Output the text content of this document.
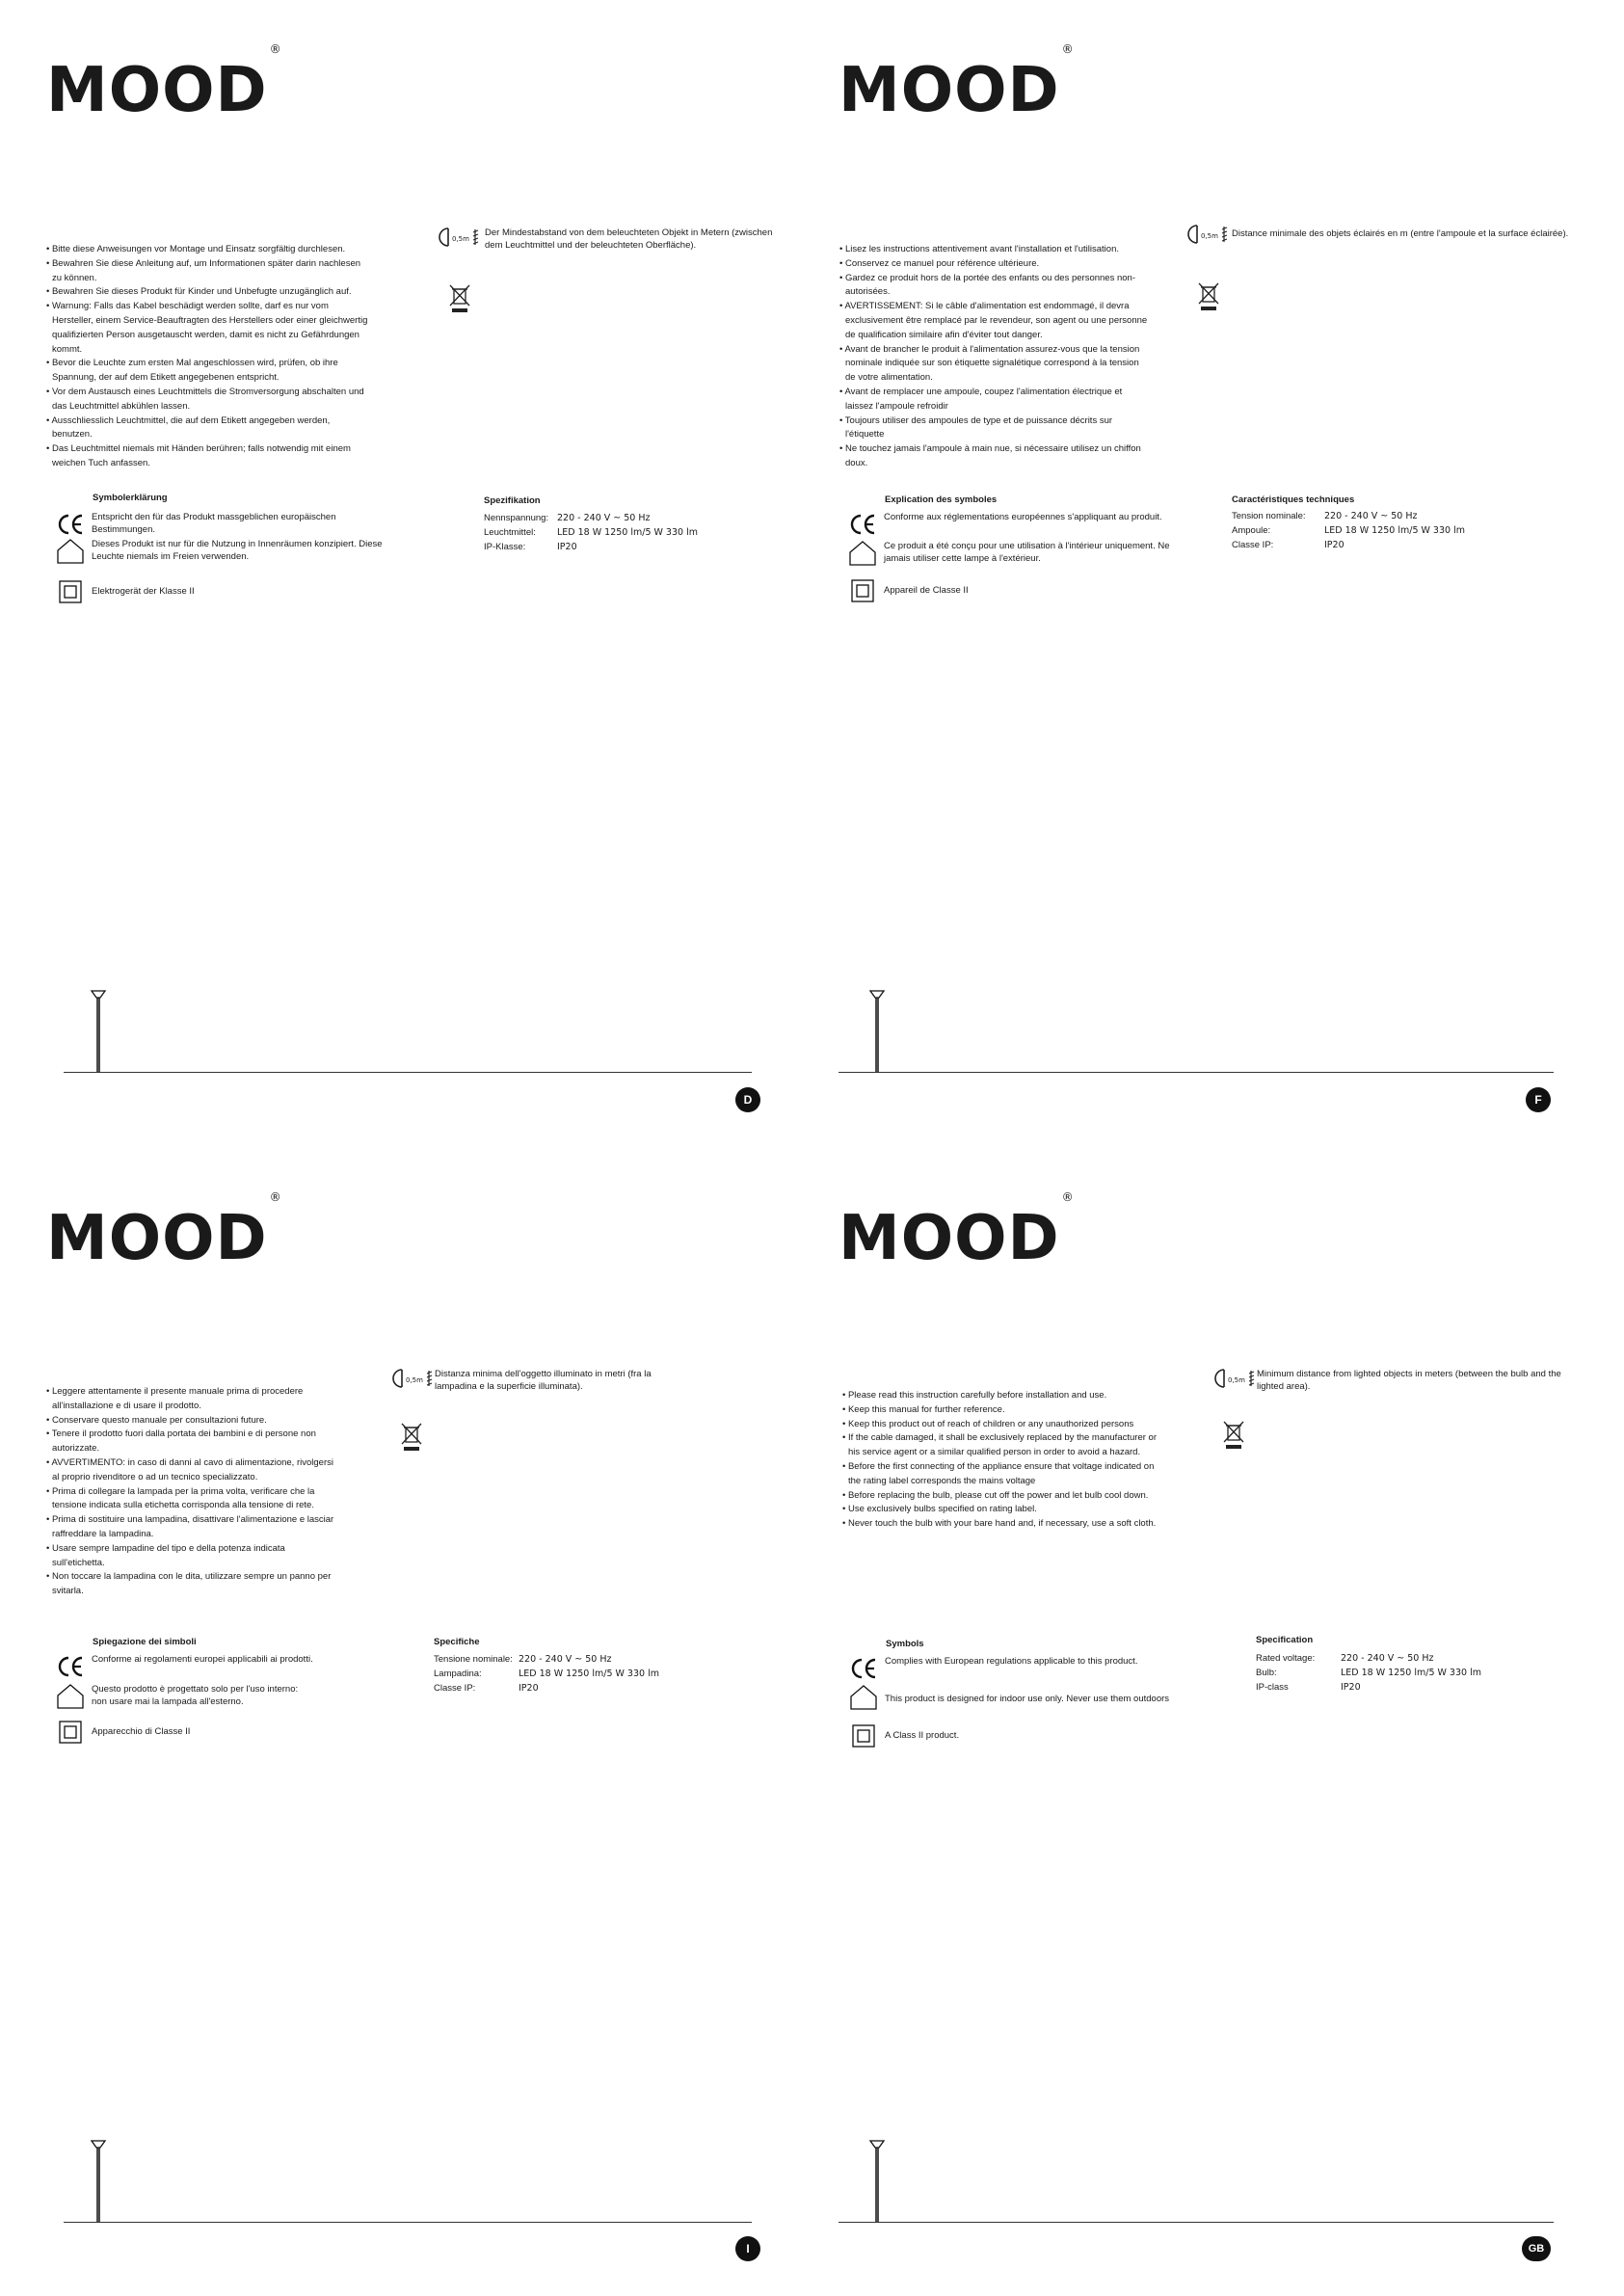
MOOD®
• Bitte diese Anweisungen vor Montage und Einsatz sorgfältig durchlesen.
• Bewahren Sie diese Anleitung auf, um Informationen später darin nachlesen zu können.
• Bewahren Sie dieses Produkt für Kinder und Unbefugte unzugänglich auf.
• Warnung: Falls das Kabel beschädigt werden sollte, darf es nur vom Hersteller, einem Service-Beauftragten des Herstellers oder einer gleichwertig qualifizierten Person ausgetauscht werden, damit es nicht zu Gefährdungen kommt.
• Bevor die Leuchte zum ersten Mal angeschlossen wird, prüfen, ob ihre Spannung, der auf dem Etikett angegebenen entspricht.
• Vor dem Austausch eines Leuchtmittels die Stromversorgung abschalten und das Leuchtmittel abkühlen lassen.
• Ausschliesslich Leuchtmittel, die auf dem Etikett angegeben werden, benutzen.
• Das Leuchtmittel niemals mit Händen berühren; falls notwendig mit einem weichen Tuch anfassen.
0,5m
Der Mindestabstand von dem beleuchteten Objekt in Metern (zwischen dem Leuchtmittel und der beleuchteten Oberfläche).
Symbolerklärung
Entspricht den für das Produkt massgeblichen europäischen Bestimmungen.
Dieses Produkt ist nur für die Nutzung in Innenräumen konzipiert. Diese Leuchte niemals im Freien verwenden.
Elektrogerät der Klasse II
Spezifikation
Nennspannung: 220 - 240 V ~ 50 Hz
Leuchtmittel:	LED 18 W 1250 lm/5 W 330 lm
IP-Klasse:	IP20
D
MOOD®
• Lisez les instructions attentivement avant l'installation et l'utilisation.
• Conservez ce manuel pour référence ultérieure.
• Gardez ce produit hors de la portée des enfants ou des personnes non-autorisées.
• AVERTISSEMENT: Si le câble d'alimentation est endommagé, il devra exclusivement être remplacé par le revendeur, son agent ou une personne de qualification similaire afin d'éviter tout danger.
• Avant de brancher le produit à l'alimentation assurez-vous que la tension nominale indiquée sur son étiquette signalétique correspond à la tension de votre alimentation.
• Avant de remplacer une ampoule, coupez l'alimentation électrique et laissez l'ampoule refroidir
• Toujours utiliser des ampoules de type et de puissance décrits sur l'étiquette
• Ne touchez jamais l'ampoule à main nue, si nécessaire utilisez un chiffon doux.
0,5m Distance minimale des objets éclairés en m (entre l'ampoule et la surface éclairée).
Explication des symboles
Conforme aux réglementations européennes s'appliquant au produit.
Ce produit a été conçu pour une utilisation à l'intérieur uniquement. Ne jamais utiliser cette lampe à l'extérieur.
Appareil de Classe II
Caractéristiques techniques
Tension nominale:	220 - 240 V ~ 50 Hz
Ampoule:	LED 18 W 1250 lm/5 W 330 lm
Classe IP:	IP20
F
MOOD®
• Leggere attentamente il presente manuale prima di procedere all'installazione e di usare il prodotto.
• Conservare questo manuale per consultazioni future.
• Tenere il prodotto fuori dalla portata dei bambini e di persone non autorizzate.
• AVVERTIMENTO: in caso di danni al cavo di alimentazione, rivolgersi al proprio rivenditore o ad un tecnico specializzato.
• Prima di collegare la lampada per la prima volta, verificare che la tensione indicata sulla etichetta corrisponda alla tensione di rete.
• Prima di sostituire una lampadina, disattivare l'alimentazione e lasciar raffreddare la lampadina.
• Usare sempre lampadine del tipo e della potenza indicata sull'etichetta.
• Non toccare la lampadina con le dita, utilizzare sempre un panno per svitarla.
0,5m
Distanza minima dell'oggetto illuminato in metri (fra la lampadina e la superficie illuminata).
Spiegazione dei simboli
Conforme ai regolamenti europei applicabili ai prodotti.
Questo prodotto è progettato solo per l'uso interno: non usare mai la lampada all'esterno.
Apparecchio di Classe II
Specifiche
Tensione nominale: 220 - 240 V ~ 50 Hz
Lampadina:	LED 18 W 1250 lm/5 W 330 lm
Classe IP:	IP20
I
MOOD®
• Please read this instruction carefully before installation and use.
• Keep this manual for further reference.
• Keep this product out of reach of children or any unauthorized persons
• If the cable damaged, it shall be exclusively replaced by the manufacturer or his service agent or a similar qualified person in order to avoid a hazard.
• Before the first connecting of the appliance ensure that voltage indicated on the rating label corresponds the mains voltage
• Before replacing the bulb, please cut off the power and let bulb cool down.
• Use exclusively bulbs specified on rating label.
• Never touch the bulb with your bare hand and, if necessary, use a soft cloth.
0,5m
Minimum distance from lighted objects in meters (between the bulb and the lighted area).
Symbols
Complies with European regulations applicable to this product.
This product is designed for indoor use only. Never use them outdoors
A Class II product.
Specification
Rated voltage:	220 - 240 V ~ 50 Hz
Bulb:	LED 18 W 1250 lm/5 W 330 lm
IP-class	IP20
GB
